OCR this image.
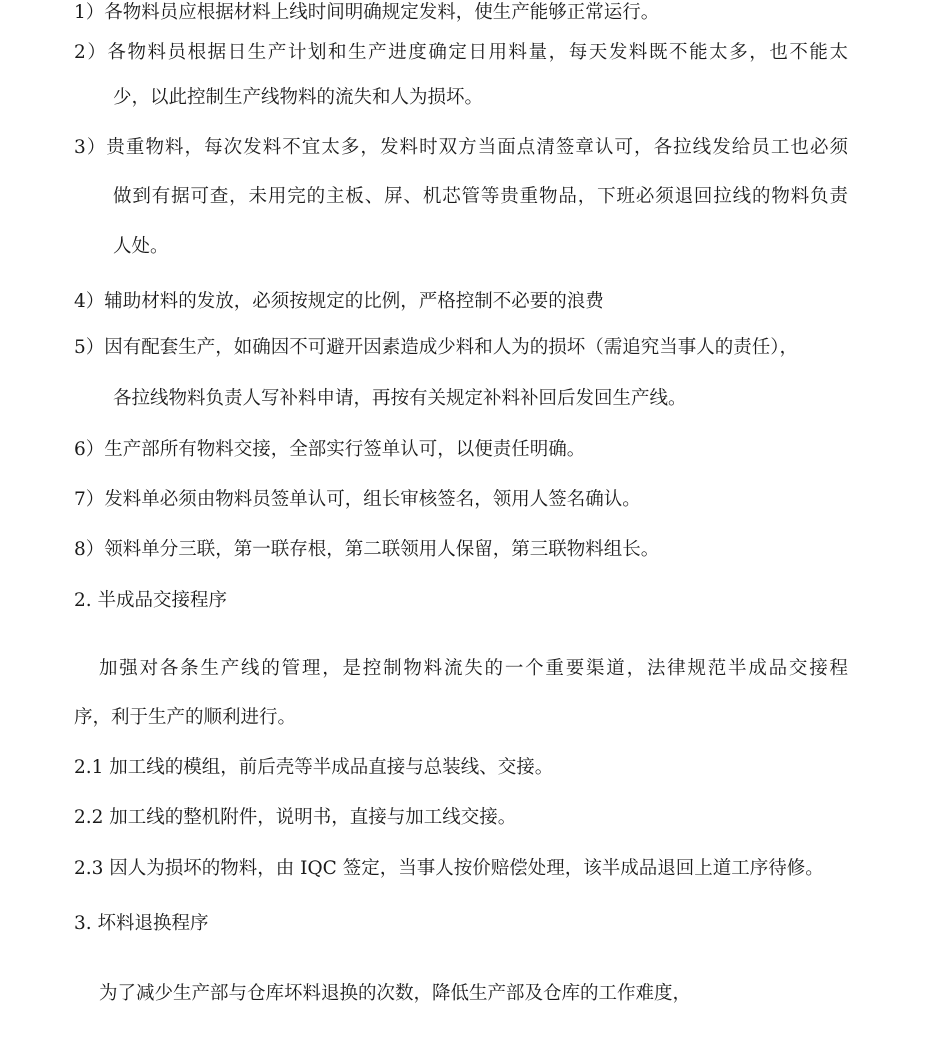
1）各物料员应根据材料上线时间明确规定发料，使生产能够正常运行。
2）各物料员根据日生产计划和生产进度确定日用料量，每天发料既不能太多，也不能太
少，以此控制生产线物料的流失和人为损坏。
3）贵重物料，每次发料不宜太多，发料时双方当面点清签章认可，各拉线发给员工也必须
做到有据可查，未用完的主板、屏、机芯管等贵重物品，下班必须退回拉线的物料负责
人处。
4）辅助材料的发放，必须按规定的比例，严格控制不必要的浪费
5）因有配套生产，如确因不可避开因素造成少料和人为的损坏（需追究当事人的责任），
各拉线物料负责人写补料申请，再按有关规定补料补回后发回生产线。
6）生产部所有物料交接，全部实行签单认可，以便责任明确。
7）发料单必须由物料员签单认可，组长审核签名，领用人签名确认。
8）领料单分三联，第一联存根，第二联领用人保留，第三联物料组长。
2. 半成品交接程序
加强对各条生产线的管理，是控制物料流失的一个重要渠道，法律规范半成品交接程
序，利于生产的顺利进行。
2.1 加工线的模组，前后壳等半成品直接与总装线、交接。
2.2 加工线的整机附件，说明书，直接与加工线交接。
2.3 因人为损坏的物料，由 IQC 签定，当事人按价赔偿处理，该半成品退回上道工序待修。
3. 坏料退换程序
为了减少生产部与仓库坏料退换的次数，降低生产部及仓库的工作难度，
